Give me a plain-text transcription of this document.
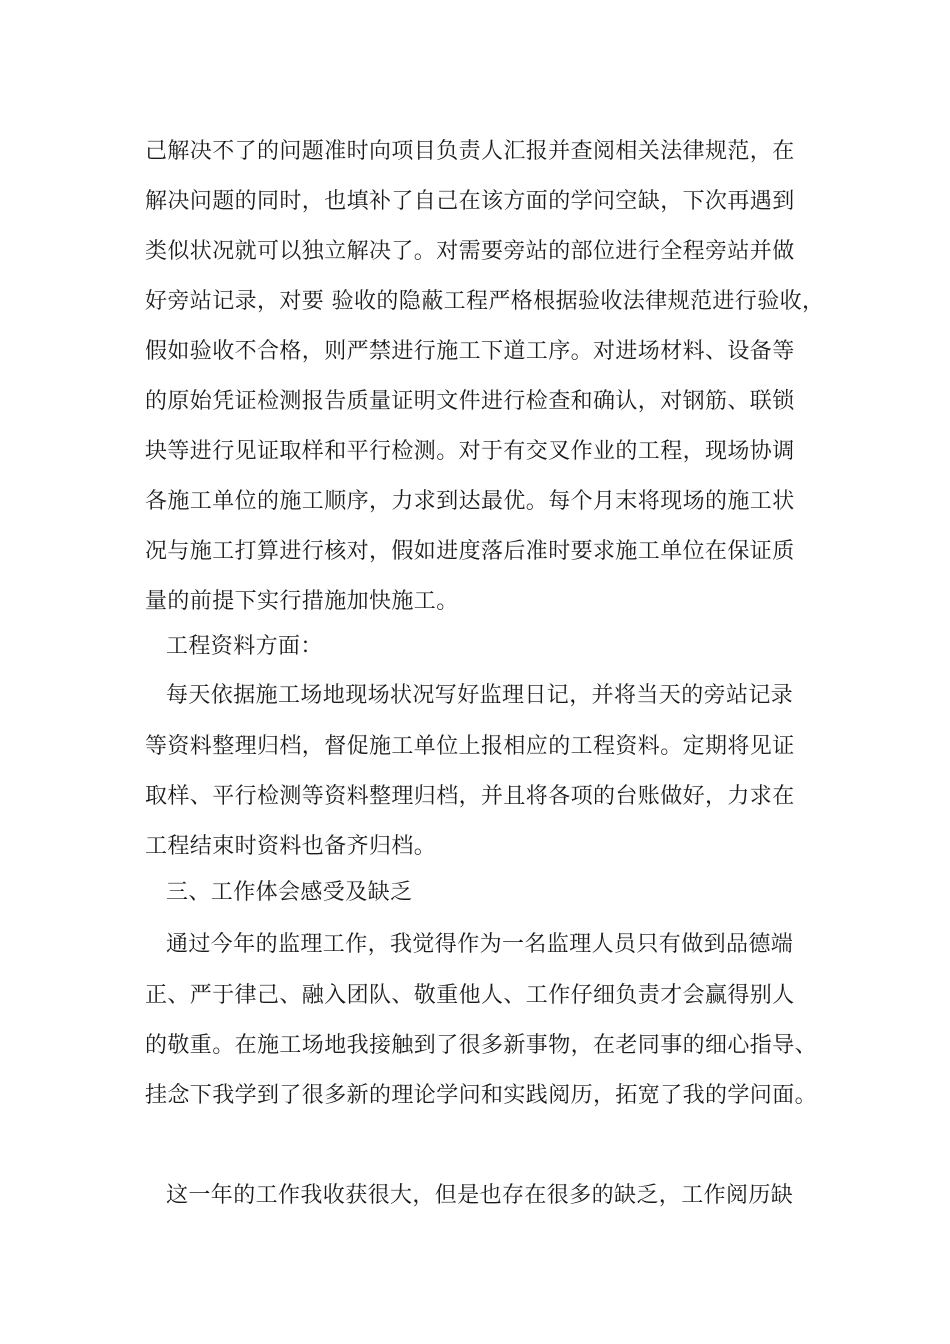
己解决不了的问题准时向项目负责人汇报并查阅相关法律规范，在
解决问题的同时，也填补了自己在该方面的学问空缺，下次再遇到
类似状况就可以独立解决了。对需要旁站的部位进行全程旁站并做
好旁站记录，对要 验收的隐蔽工程严格根据验收法律规范进行验收，
假如验收不合格，则严禁进行施工下道工序。对进场材料、设备等
的原始凭证检测报告质量证明文件进行检查和确认，对钢筋、联锁
块等进行见证取样和平行检测。对于有交叉作业的工程，现场协调
各施工单位的施工顺序，力求到达最优。每个月末将现场的施工状
况与施工打算进行核对，假如进度落后准时要求施工单位在保证质
量的前提下实行措施加快施工。
工程资料方面：
每天依据施工场地现场状况写好监理日记，并将当天的旁站记录
等资料整理归档，督促施工单位上报相应的工程资料。定期将见证
取样、平行检测等资料整理归档，并且将各项的台账做好，力求在
工程结束时资料也备齐归档。
三、工作体会感受及缺乏
通过今年的监理工作，我觉得作为一名监理人员只有做到品德端
正、严于律己、融入团队、敬重他人、工作仔细负责才会赢得别人
的敬重。在施工场地我接触到了很多新事物，在老同事的细心指导、
挂念下我学到了很多新的理论学问和实践阅历，拓宽了我的学问面。
这一年的工作我收获很大，但是也存在很多的缺乏，工作阅历缺
